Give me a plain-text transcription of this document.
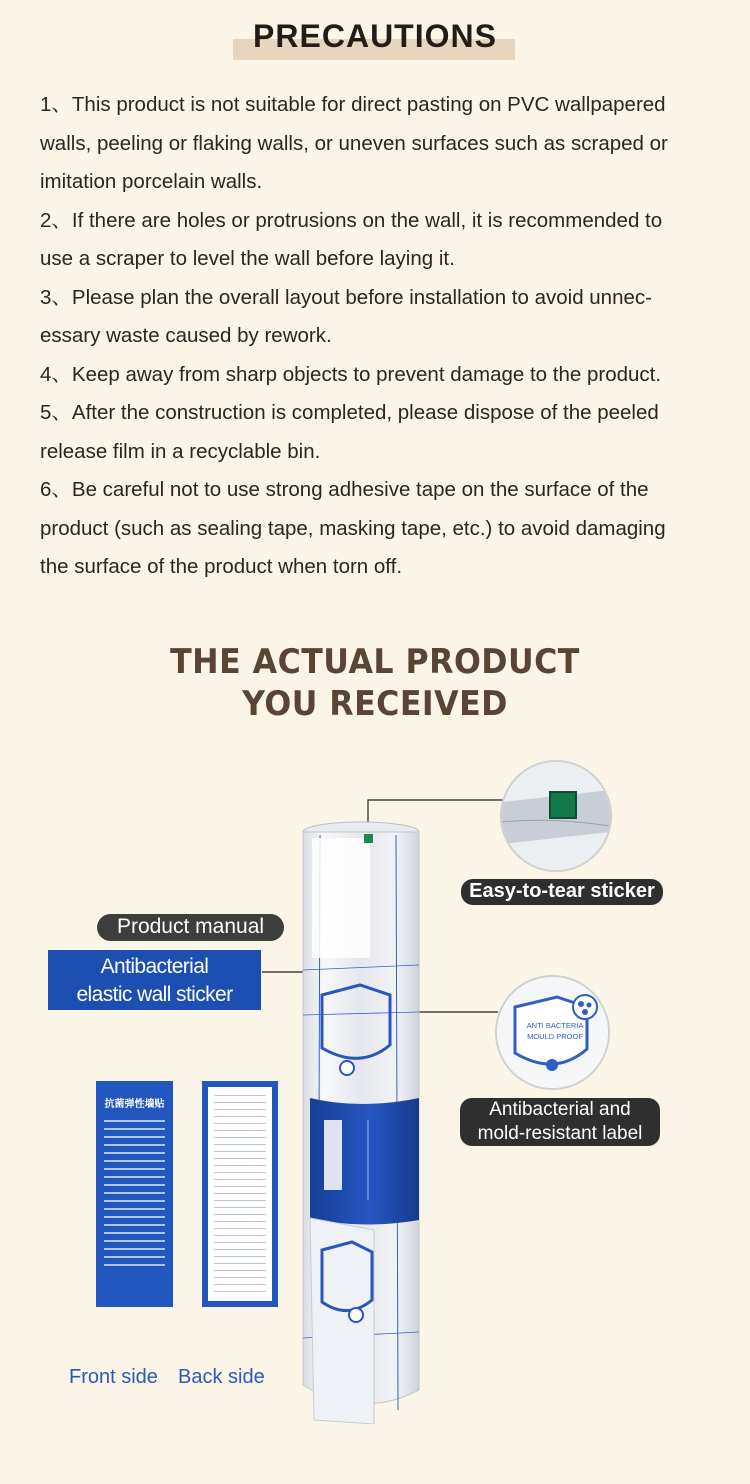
PRECAUTIONS

1、This product is not suitable for direct pasting on PVC wallpapered

walls, peeling or flaking walls, or uneven surfaces such as scraped or

imitation porcelain walls.

2、If there are holes or protrusions on the wall, it is recommended to

use a scraper to level the wall before laying it.

3、Please plan the overall layout before installation to avoid unnec-

essary waste caused by rework.

4、Keep away from sharp objects to prevent damage to the product.

5、After the construction is completed, please dispose of the peeled

release film in a recyclable bin.

6、Be careful not to use strong adhesive tape on the surface of the

product (such as sealing tape, masking tape, etc.) to avoid damaging

the surface of the product when torn off.

THE ACTUAL PRODUCT
YOU RECEIVED
Easy-to-tear sticker
ANTI BACTERIA
MOULD PROOF
Antibacterial and
mold-resistant label
Product manual
Antibacterial
elastic wall sticker
抗菌弹性墙贴
Front side Back side
